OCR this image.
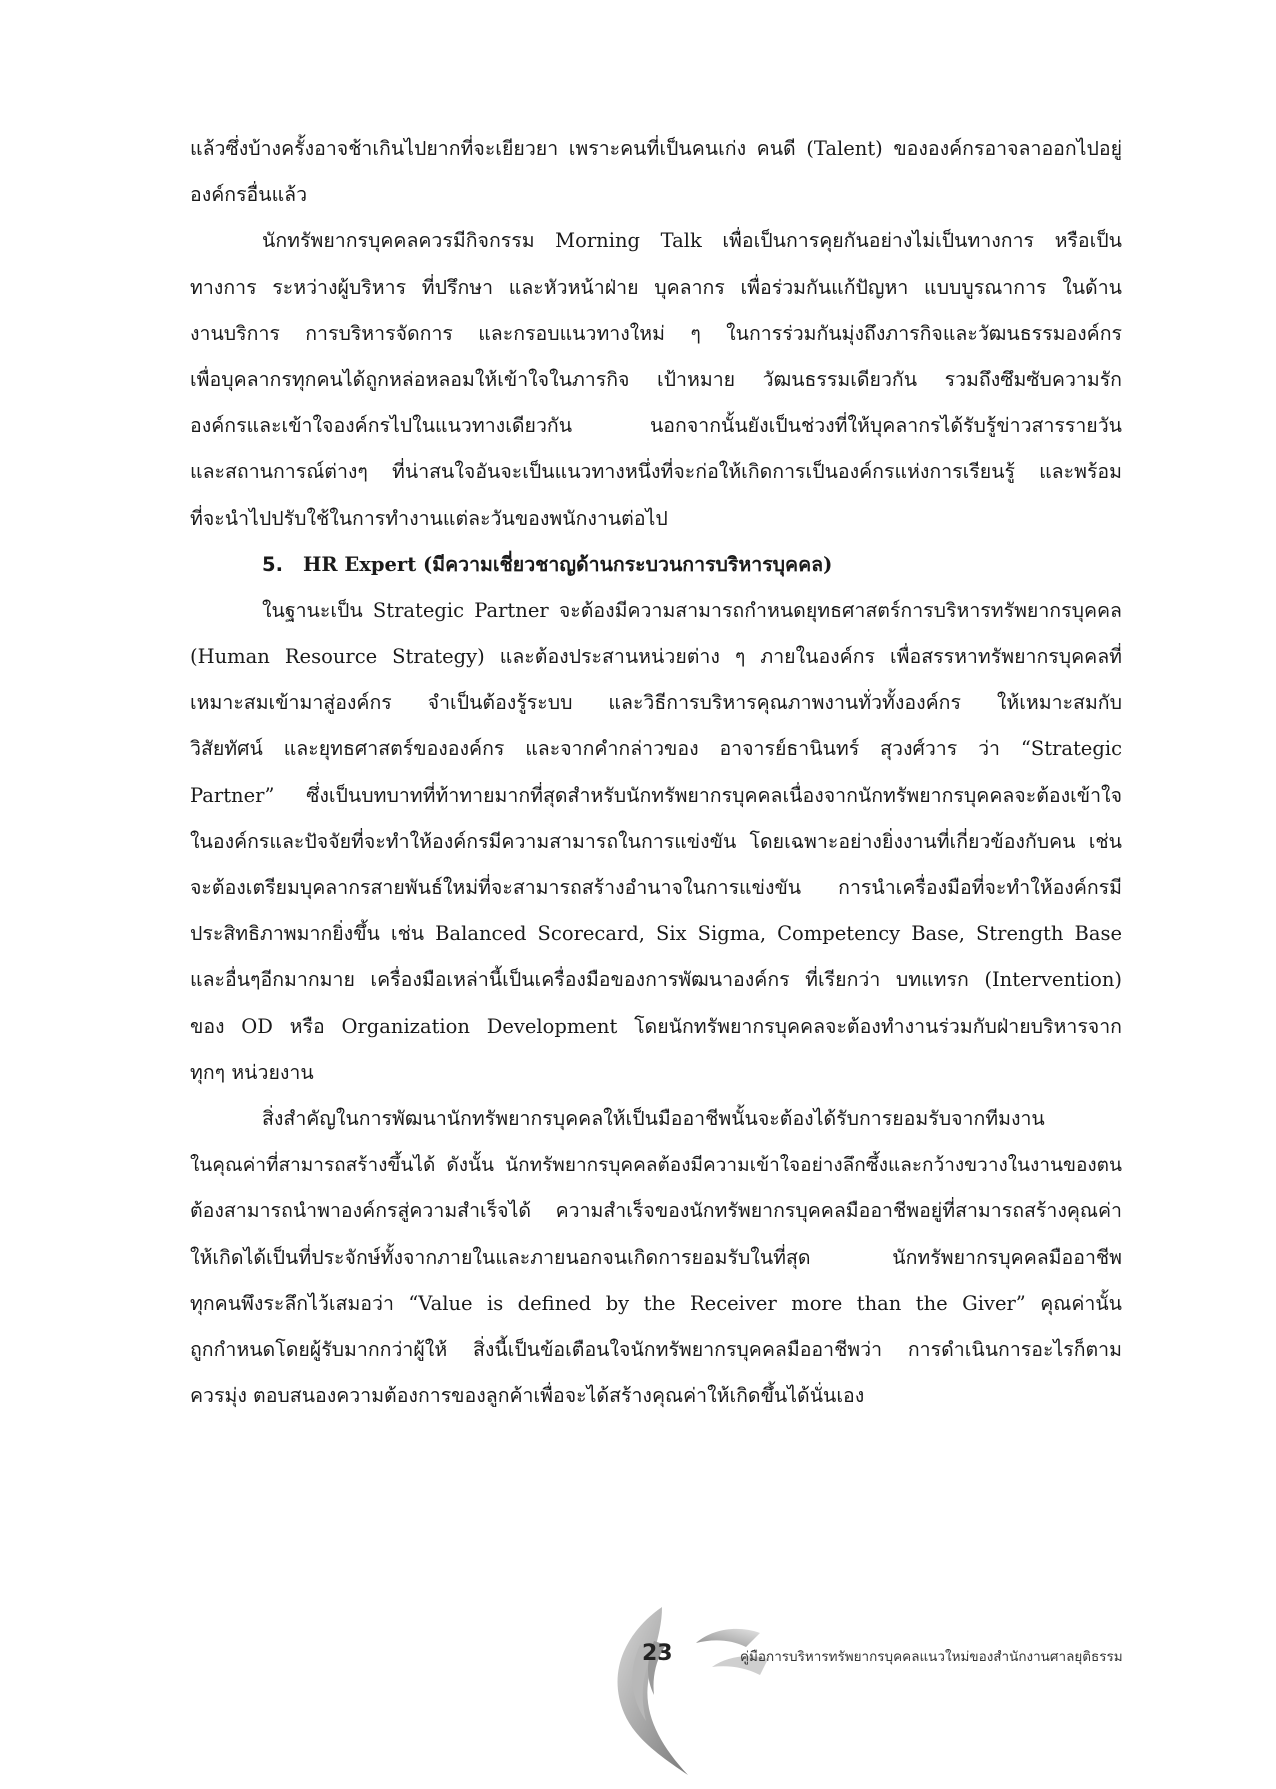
แล้วซึ่งบ้างครั้งอาจช้าเกินไปยากที่จะเยียวยา เพราะคนที่เป็นคนเก่ง คนดี (Talent) ขององค์กรอาจลาออกไปอยู่
องค์กรอื่นแล้ว
นักทรัพยากรบุคคลควรมีกิจกรรม Morning Talk เพื่อเป็นการคุยกันอย่างไม่เป็นทางการ หรือเป็น
ทางการ ระหว่างผู้บริหาร ที่ปรึกษา และหัวหน้าฝ่าย บุคลากร เพื่อร่วมกันแก้ปัญหา แบบบูรณาการ ในด้าน
งานบริการ การบริหารจัดการ และกรอบแนวทางใหม่ ๆ ในการร่วมกันมุ่งถึงภารกิจและวัฒนธรรมองค์กร
เพื่อบุคลากรทุกคนได้ถูกหล่อหลอมให้เข้าใจในภารกิจ เป้าหมาย วัฒนธรรมเดียวกัน รวมถึงซึมซับความรัก
องค์กรและเข้าใจองค์กรไปในแนวทางเดียวกัน นอกจากนั้นยังเป็นช่วงที่ให้บุคลากรได้รับรู้ข่าวสารรายวัน
และสถานการณ์ต่างๆ ที่น่าสนใจอันจะเป็นแนวทางหนึ่งที่จะก่อให้เกิดการเป็นองค์กรแห่งการเรียนรู้ และพร้อม
ที่จะนำไปปรับใช้ในการทำงานแต่ละวันของพนักงานต่อไป
5. HR Expert (มีความเชี่ยวชาญด้านกระบวนการบริหารบุคคล)
ในฐานะเป็น Strategic Partner จะต้องมีความสามารถกำหนดยุทธศาสตร์การบริหารทรัพยากรบุคคล
(Human Resource Strategy) และต้องประสานหน่วยต่าง ๆ ภายในองค์กร เพื่อสรรหาทรัพยากรบุคคลที่
เหมาะสมเข้ามาสู่องค์กร จำเป็นต้องรู้ระบบ และวิธีการบริหารคุณภาพงานทั่วทั้งองค์กร ให้เหมาะสมกับ
วิสัยทัศน์ และยุทธศาสตร์ขององค์กร และจากคำกล่าวของ อาจารย์ธานินทร์ สุวงศ์วาร ว่า “Strategic
Partner” ซึ่งเป็นบทบาทที่ท้าทายมากที่สุดสำหรับนักทรัพยากรบุคคลเนื่องจากนักทรัพยากรบุคคลจะต้องเข้าใจ
ในองค์กรและปัจจัยที่จะทำให้องค์กรมีความสามารถในการแข่งขัน โดยเฉพาะอย่างยิ่งงานที่เกี่ยวข้องกับคน เช่น
จะต้องเตรียมบุคลากรสายพันธ์ใหม่ที่จะสามารถสร้างอำนาจในการแข่งขัน การนำเครื่องมือที่จะทำให้องค์กรมี
ประสิทธิภาพมากยิ่งขึ้น เช่น Balanced Scorecard, Six Sigma, Competency Base, Strength Base
และอื่นๆอีกมากมาย เครื่องมือเหล่านี้เป็นเครื่องมือของการพัฒนาองค์กร ที่เรียกว่า บทแทรก (Intervention)
ของ OD หรือ Organization Development โดยนักทรัพยากรบุคคลจะต้องทำงานร่วมกับฝ่ายบริหารจาก
ทุกๆ หน่วยงาน
สิ่งสำคัญในการพัฒนานักทรัพยากรบุคคลให้เป็นมืออาชีพนั้นจะต้องได้รับการยอมรับจากทีมงาน
ในคุณค่าที่สามารถสร้างขึ้นได้ ดังนั้น นักทรัพยากรบุคคลต้องมีความเข้าใจอย่างลึกซึ้งและกว้างขวางในงานของตน
ต้องสามารถนำพาองค์กรสู่ความสำเร็จได้ ความสำเร็จของนักทรัพยากรบุคคลมืออาชีพอยู่ที่สามารถสร้างคุณค่า
ให้เกิดได้เป็นที่ประจักษ์ทั้งจากภายในและภายนอกจนเกิดการยอมรับในที่สุด นักทรัพยากรบุคคลมืออาชีพ
ทุกคนพึงระลึกไว้เสมอว่า “Value is defined by the Receiver more than the Giver” คุณค่านั้น
ถูกกำหนดโดยผู้รับมากกว่าผู้ให้ สิ่งนี้เป็นข้อเตือนใจนักทรัพยากรบุคคลมืออาชีพว่า การดำเนินการอะไรก็ตาม
ควรมุ่ง ตอบสนองความต้องการของลูกค้าเพื่อจะได้สร้างคุณค่าให้เกิดขึ้นได้นั่นเอง
23	คู่มือการบริหารทรัพยากรบุคคลแนวใหม่ของสำนักงานศาลยุติธรรม
